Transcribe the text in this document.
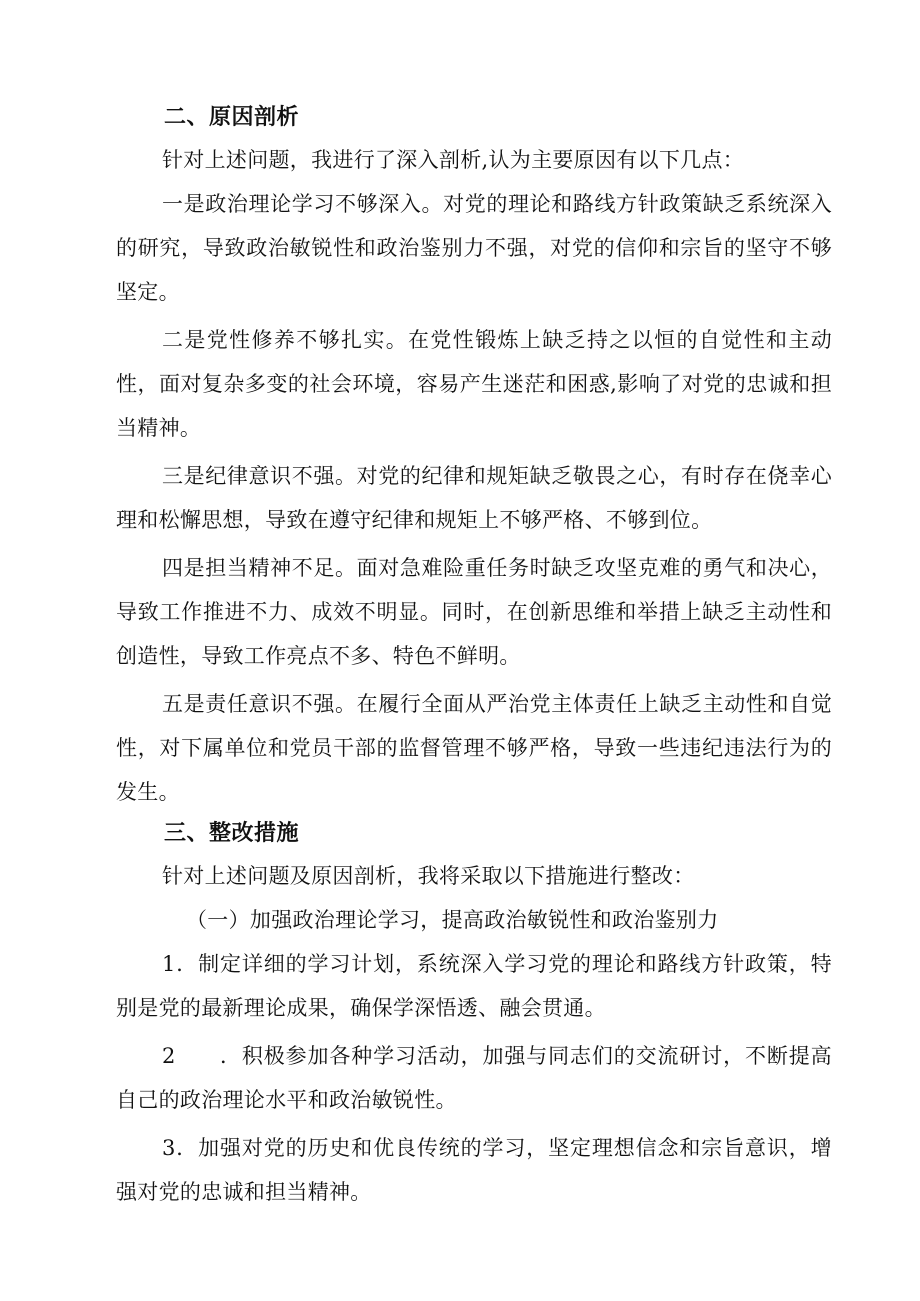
二、原因剖析

针对上述问题，我进行了深入剖析,认为主要原因有以下几点：

一是政治理论学习不够深入。对党的理论和路线方针政策缺乏系统深入的研究，导致政治敏锐性和政治鉴别力不强，对党的信仰和宗旨的坚守不够坚定。

二是党性修养不够扎实。在党性锻炼上缺乏持之以恒的自觉性和主动性，面对复杂多变的社会环境，容易产生迷茫和困惑,影响了对党的忠诚和担当精神。

三是纪律意识不强。对党的纪律和规矩缺乏敬畏之心，有时存在侥幸心理和松懈思想，导致在遵守纪律和规矩上不够严格、不够到位。

四是担当精神不足。面对急难险重任务时缺乏攻坚克难的勇气和决心，导致工作推进不力、成效不明显。同时，在创新思维和举措上缺乏主动性和创造性，导致工作亮点不多、特色不鲜明。

五是责任意识不强。在履行全面从严治党主体责任上缺乏主动性和自觉性，对下属单位和党员干部的监督管理不够严格，导致一些违纪违法行为的发生。

三、整改措施

针对上述问题及原因剖析，我将采取以下措施进行整改：

（一）加强政治理论学习，提高政治敏锐性和政治鉴别力

1．制定详细的学习计划，系统深入学习党的理论和路线方针政策，特别是党的最新理论成果，确保学深悟透、融会贯通。

2　　．积极参加各种学习活动，加强与同志们的交流研讨，不断提高自己的政治理论水平和政治敏锐性。

3．加强对党的历史和优良传统的学习，坚定理想信念和宗旨意识，增强对党的忠诚和担当精神。
